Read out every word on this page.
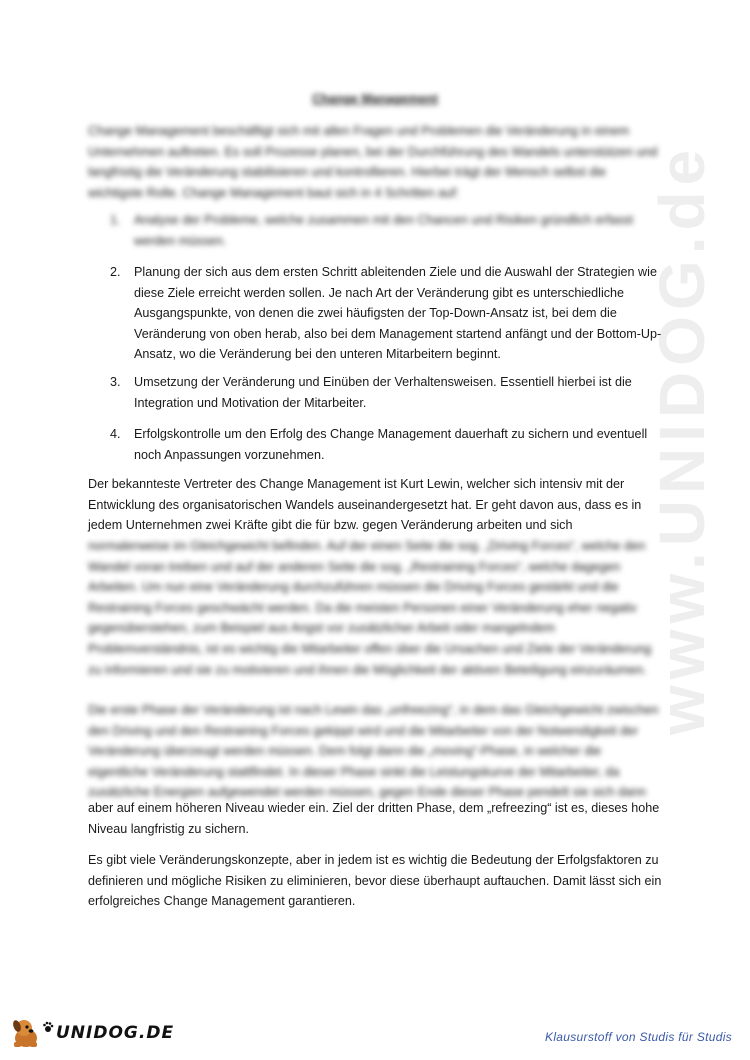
www.UNIDOG.de
Change Management

Change Management beschäftigt sich mit allen Fragen und Problemen die Veränderung in einem Unternehmen auftreten. Es soll Prozesse planen, bei der Durchführung des Wandels unterstützen und langfristig die Veränderung stabilisieren und kontrollieren. Hierbei trägt der Mensch selbst die wichtigste Rolle. Change Management baut sich in 4 Schritten auf:

1.	Analyse der Probleme, welche zusammen mit den Chancen und Risiken gründlich erfasst werden müssen.
2.	Planung der sich aus dem ersten Schritt ableitenden Ziele und die Auswahl der Strategien wie diese Ziele erreicht werden sollen. Je nach Art der Veränderung gibt es unterschiedliche Ausgangspunkte, von denen die zwei häufigsten der Top-Down-Ansatz ist, bei dem die Veränderung von oben herab, also bei dem Management startend anfängt und der Bottom-Up-Ansatz, wo die Veränderung bei den unteren Mitarbeitern beginnt.
3.	Umsetzung der Veränderung und Einüben der Verhaltensweisen. Essentiell hierbei ist die Integration und Motivation der Mitarbeiter.
4.	Erfolgskontrolle um den Erfolg des Change Management dauerhaft zu sichern und eventuell noch Anpassungen vorzunehmen.

Der bekannteste Vertreter des Change Management ist Kurt Lewin, welcher sich intensiv mit der Entwicklung des organisatorischen Wandels auseinandergesetzt hat. Er geht davon aus, dass es in jedem Unternehmen zwei Kräfte gibt die für bzw. gegen Veränderung arbeiten und sich

normalerweise im Gleichgewicht befinden. Auf der einen Seite die sog. „Driving Forces“, welche den Wandel voran treiben und auf der anderen Seite die sog. „Restraining Forces“, welche dagegen Arbeiten. Um nun eine Veränderung durchzuführen müssen die Driving Forces gestärkt und die Restraining Forces geschwächt werden. Da die meisten Personen einer Veränderung eher negativ gegenüberstehen, zum Beispiel aus Angst vor zusätzlicher Arbeit oder mangelndem Problemverständnis, ist es wichtig die Mitarbeiter offen über die Ursachen und Ziele der Veränderung zu informieren und sie zu motivieren und ihnen die Möglichkeit der aktiven Beteiligung einzuräumen.

Die erste Phase der Veränderung ist nach Lewin das „unfreezing“, in dem das Gleichgewicht zwischen den Driving und den Restraining Forces gekippt wird und die Mitarbeiter von der Notwendigkeit der Veränderung überzeugt werden müssen. Dem folgt dann die „moving“-Phase, in welcher die eigentliche Veränderung stattfindet. In dieser Phase sinkt die Leistungskurve der Mitarbeiter, da zusätzliche Energien aufgewendet werden müssen, gegen Ende dieser Phase pendelt sie sich dann

aber auf einem höheren Niveau wieder ein. Ziel der dritten Phase, dem „refreezing“ ist es, dieses hohe Niveau langfristig zu sichern.

Es gibt viele Veränderungskonzepte, aber in jedem ist es wichtig die Bedeutung der Erfolgsfaktoren zu definieren und mögliche Risiken zu eliminieren, bevor diese überhaupt auftauchen. Damit lässt sich ein erfolgreiches Change Management garantieren.

UNIDOG.DE	Klausurstoff von Studis für Studis
